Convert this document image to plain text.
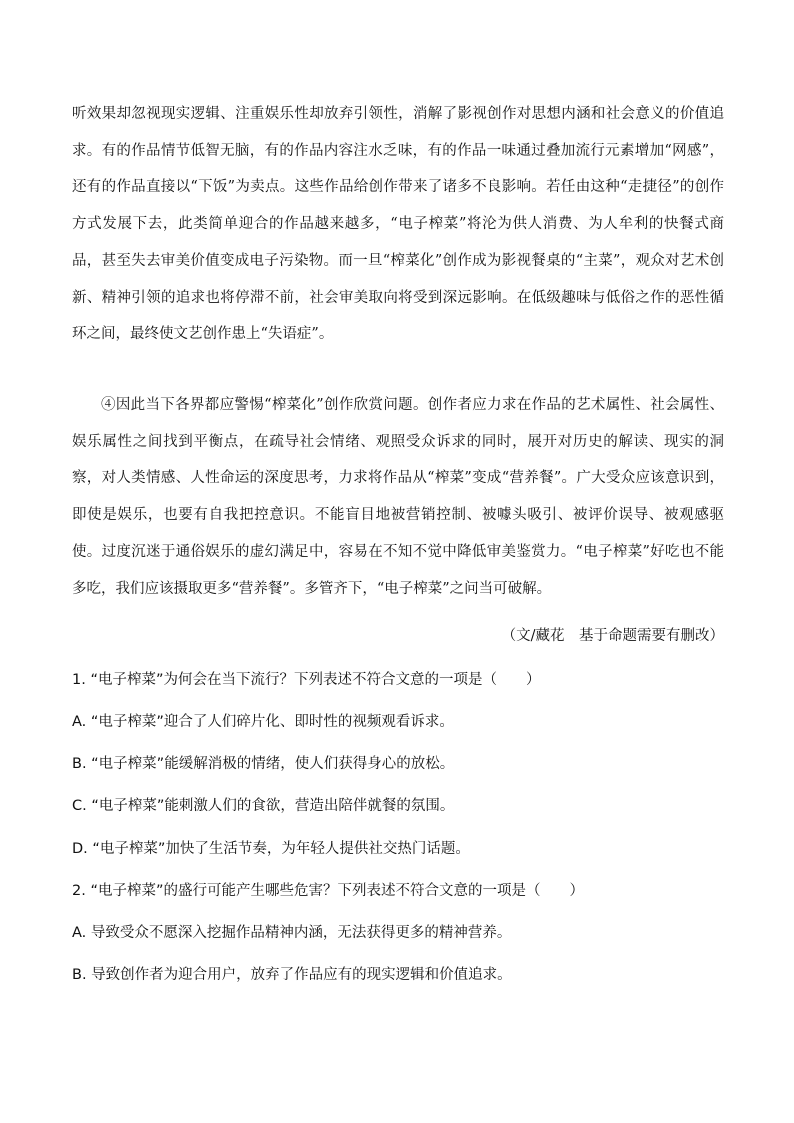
听效果却忽视现实逻辑、注重娱乐性却放弃引领性，消解了影视创作对思想内涵和社会意义的价值追求。有的作品情节低智无脑，有的作品内容注水乏味，有的作品一味通过叠加流行元素增加“网感”，还有的作品直接以“下饭”为卖点。这些作品给创作带来了诸多不良影响。若任由这种“走捷径”的创作方式发展下去，此类简单迎合的作品越来越多，“电子榨菜”将沦为供人消费、为人牟利的快餐式商品，甚至失去审美价值变成电子污染物。而一旦“榨菜化”创作成为影视餐桌的“主菜”，观众对艺术创新、精神引领的追求也将停滞不前，社会审美取向将受到深远影响。在低级趣味与低俗之作的恶性循环之间，最终使文艺创作患上“失语症”。

④因此当下各界都应警惕“榨菜化”创作欣赏问题。创作者应力求在作品的艺术属性、社会属性、娱乐属性之间找到平衡点，在疏导社会情绪、观照受众诉求的同时，展开对历史的解读、现实的洞察，对人类情感、人性命运的深度思考，力求将作品从“榨菜”变成“营养餐”。广大受众应该意识到，即使是娱乐，也要有自我把控意识。不能盲目地被营销控制、被噱头吸引、被评价误导、被观感驱使。过度沉迷于通俗娱乐的虚幻满足中，容易在不知不觉中降低审美鉴赏力。“电子榨菜”好吃也不能多吃，我们应该摄取更多“营养餐”。多管齐下，“电子榨菜”之问当可破解。

（文/藏花　基于命题需要有删改）

1. “电子榨菜”为何会在当下流行？下列表述不符合文意的一项是（　　）

A. “电子榨菜”迎合了人们碎片化、即时性的视频观看诉求。

B. “电子榨菜”能缓解消极的情绪，使人们获得身心的放松。

C. “电子榨菜”能刺激人们的食欲，营造出陪伴就餐的氛围。

D. “电子榨菜”加快了生活节奏，为年轻人提供社交热门话题。

2. “电子榨菜”的盛行可能产生哪些危害？下列表述不符合文意的一项是（　　）

A. 导致受众不愿深入挖掘作品精神内涵，无法获得更多的精神营养。

B. 导致创作者为迎合用户，放弃了作品应有的现实逻辑和价值追求。
